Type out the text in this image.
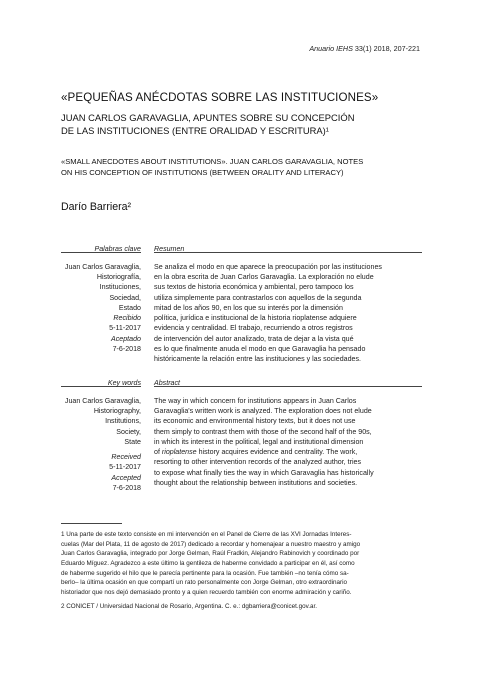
Anuario IEHS 33(1) 2018, 207-221
«PEQUEÑAS ANÉCDOTAS SOBRE LAS INSTITUCIONES»
JUAN CARLOS GARAVAGLIA, APUNTES SOBRE SU CONCEPCIÓN
DE LAS INSTITUCIONES (ENTRE ORALIDAD Y ESCRITURA)¹
«SMALL ANECDOTES ABOUT INSTITUTIONS». JUAN CARLOS GARAVAGLIA, NOTES
ON HIS CONCEPTION OF INSTITUTIONS (BETWEEN ORALITY AND LITERACY)
Darío Barriera²
Palabras clave
Juan Carlos Garavaglia,
Historiografía,
Instituciones,
Sociedad,
Estado
Recibido
5-11-2017
Aceptado
7-6-2018
Resumen
Se analiza el modo en que aparece la preocupación por las instituciones
en la obra escrita de Juan Carlos Garavaglia. La exploración no elude
sus textos de historia económica y ambiental, pero tampoco los
utiliza simplemente para contrastarlos con aquellos de la segunda
mitad de los años 90, en los que su interés por la dimensión
política, jurídica e institucional de la historia rioplatense adquiere
evidencia y centralidad. El trabajo, recurriendo a otros registros
de intervención del autor analizado, trata de dejar a la vista qué
es lo que finalmente anuda el modo en que Garavaglia ha pensado
históricamente la relación entre las instituciones y las sociedades.
Key words
Juan Carlos Garavaglia,
Historiography,
Institutions,
Society,
State
Received
5-11-2017
Accepted
7-6-2018
Abstract
The way in which concern for institutions appears in Juan Carlos
Garavaglia's written work is analyzed. The exploration does not elude
its economic and environmental history texts, but it does not use
them simply to contrast them with those of the second half of the 90s,
in which its interest in the political, legal and institutional dimension
of rioplatense history acquires evidence and centrality. The work,
resorting to other intervention records of the analyzed author, tries
to expose what finally ties the way in which Garavaglia has historically
thought about the relationship between institutions and societies.
1 Una parte de este texto consiste en mi intervención en el Panel de Cierre de las XVI Jornadas Interes-
cuelas (Mar del Plata, 11 de agosto de 2017) dedicado a recordar y homenajear a nuestro maestro y amigo
Juan Carlos Garavaglia, integrado por Jorge Gelman, Raúl Fradkin, Alejandro Rabinovich y coordinado por
Eduardo Míguez. Agradezco a este último la gentileza de haberme convidado a participar en él, así como
de haberme sugerido el hilo que le parecía pertinente para la ocasión. Fue también –no tenía cómo sa-
berlo– la última ocasión en que compartí un rato personalmente con Jorge Gelman, otro extraordinario
historiador que nos dejó demasiado pronto y a quien recuerdo también con enorme admiración y cariño.
2 CONICET / Universidad Nacional de Rosario, Argentina. C. e.: dgbarriera@conicet.gov.ar.
